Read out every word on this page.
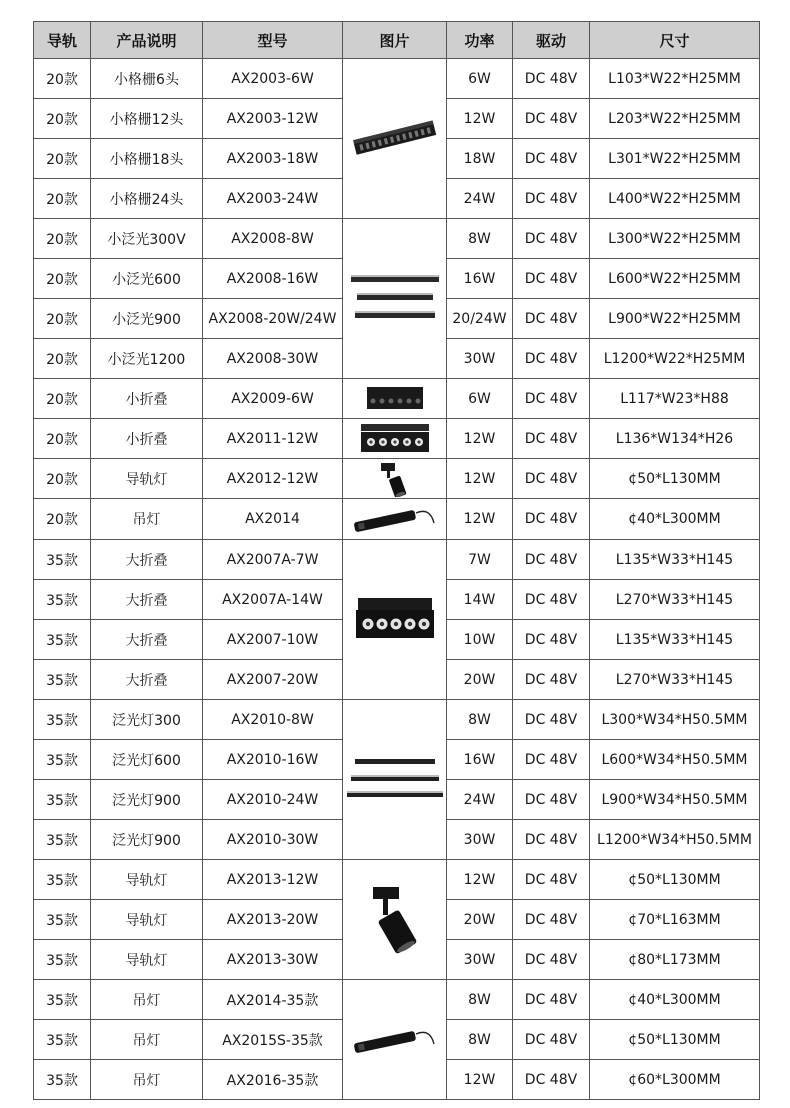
导轨	产品说明	型号	图片	功率	驱动	尺寸
20款	小格栅6头	AX2003-6W		6W	DC 48V	L103*W22*H25MM
20款	小格栅12头	AX2003-12W		12W	DC 48V	L203*W22*H25MM
20款	小格栅18头	AX2003-18W		18W	DC 48V	L301*W22*H25MM
20款	小格栅24头	AX2003-24W		24W	DC 48V	L400*W22*H25MM
20款	小泛光300V	AX2008-8W		8W	DC 48V	L300*W22*H25MM
20款	小泛光600	AX2008-16W		16W	DC 48V	L600*W22*H25MM
20款	小泛光900	AX2008-20W/24W		20/24W	DC 48V	L900*W22*H25MM
20款	小泛光1200	AX2008-30W		30W	DC 48V	L1200*W22*H25MM
20款	小折叠	AX2009-6W		6W	DC 48V	L117*W23*H88
20款	小折叠	AX2011-12W		12W	DC 48V	L136*W134*H26
20款	导轨灯	AX2012-12W		12W	DC 48V	¢50*L130MM
20款	吊灯	AX2014		12W	DC 48V	¢40*L300MM
35款	大折叠	AX2007A-7W		7W	DC 48V	L135*W33*H145
35款	大折叠	AX2007A-14W		14W	DC 48V	L270*W33*H145
35款	大折叠	AX2007-10W		10W	DC 48V	L135*W33*H145
35款	大折叠	AX2007-20W		20W	DC 48V	L270*W33*H145
35款	泛光灯300	AX2010-8W		8W	DC 48V	L300*W34*H50.5MM
35款	泛光灯600	AX2010-16W		16W	DC 48V	L600*W34*H50.5MM
35款	泛光灯900	AX2010-24W		24W	DC 48V	L900*W34*H50.5MM
35款	泛光灯900	AX2010-30W		30W	DC 48V	L1200*W34*H50.5MM
35款	导轨灯	AX2013-12W		12W	DC 48V	¢50*L130MM
35款	导轨灯	AX2013-20W		20W	DC 48V	¢70*L163MM
35款	导轨灯	AX2013-30W		30W	DC 48V	¢80*L173MM
35款	吊灯	AX2014-35款		8W	DC 48V	¢40*L300MM
35款	吊灯	AX2015S-35款		8W	DC 48V	¢50*L130MM
35款	吊灯	AX2016-35款		12W	DC 48V	¢60*L300MM
